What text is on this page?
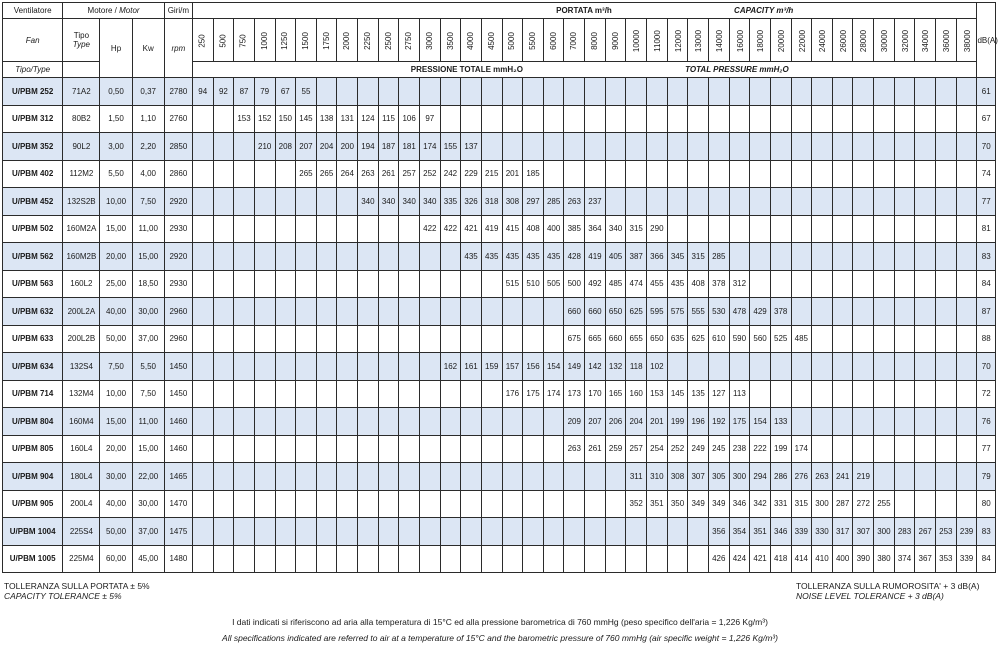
Ventilatore	Motore / Motor			Giri/m	PORTATA m³/h CAPACITY m³/h																																						dB(A)
Fan	Tipo
Type	Hp	Kw	rpm	250	500	750	1000	1250	1500	1750	2000	2250	2500	2750	3000	3500	4000	4500	5000	5500	6000	7000	8000	9000	10000	11000	12000	13000	14000	16000	18000	20000	22000	24000	26000	28000	30000	32000	34000	36000	38000	
Tipo/Type					PRESSIONE TOTALE mmH₂O TOTAL PRESSURE mmH₂O																																						
U/PBM 252	71A2	0,50	0,37	2780	94	92	87	79	67	55																																	61
U/PBM 312	80B2	1,50	1,10	2760			153	152	150	145	138	131	124	115	106	97																											67
U/PBM 352	90L2	3,00	2,20	2850				210	208	207	204	200	194	187	181	174	155	137																									70
U/PBM 402	112M2	5,50	4,00	2860						265	265	264	263	261	257	252	242	229	215	201	185																						74
U/PBM 452	132S2B	10,00	7,50	2920									340	340	340	340	335	326	318	308	297	285	263	237																			77
U/PBM 502	160M2A	15,00	11,00	2930												422	422	421	419	415	408	400	385	364	340	315	290																81
U/PBM 562	160M2B	20,00	15,00	2920														435	435	435	435	435	428	419	405	387	366	345	315	285													83
U/PBM 563	160L2	25,00	18,50	2930																515	510	505	500	492	485	474	455	435	408	378	312												84
U/PBM 632	200L2A	40,00	30,00	2960																			660	660	650	625	595	575	555	530	478	429	378										87
U/PBM 633	200L2B	50,00	37,00	2960																			675	665	660	655	650	635	625	610	590	560	525	485									88
U/PBM 634	132S4	7,50	5,50	1450													162	161	159	157	156	154	149	142	132	118	102																70
U/PBM 714	132M4	10,00	7,50	1450																176	175	174	173	170	165	160	153	145	135	127	113												72
U/PBM 804	160M4	15,00	11,00	1460																			209	207	206	204	201	199	196	192	175	154	133										76
U/PBM 805	160L4	20,00	15,00	1460																			263	261	259	257	254	252	249	245	238	222	199	174									77
U/PBM 904	180L4	30,00	22,00	1465																						311	310	308	307	305	300	294	286	276	263	241	219						79
U/PBM 905	200L4	40,00	30,00	1470																						352	351	350	349	349	346	342	331	315	300	287	272	255					80
U/PBM 1004	225S4	50,00	37,00	1475																										356	354	351	346	339	330	317	307	300	283	267	253	239	83
U/PBM 1005	225M4	60,00	45,00	1480																										426	424	421	418	414	410	400	390	380	374	367	353	339	84
TOLLERANZA SULLA PORTATA ± 5%
CAPACITY TOLERANCE ± 5%
TOLLERANZA SULLA RUMOROSITA' + 3 dB(A)
NOISE LEVEL TOLERANCE + 3 dB(A)
I dati indicati si riferiscono ad aria alla temperatura di 15°C ed alla pressione barometrica di 760 mmHg (peso specifico dell'aria = 1,226 Kg/m³)
All specifications indicated are referred to air at a temperature of 15°C and the barometric pressure of 760 mmHg (air specific weight = 1,226 Kg/m³)
